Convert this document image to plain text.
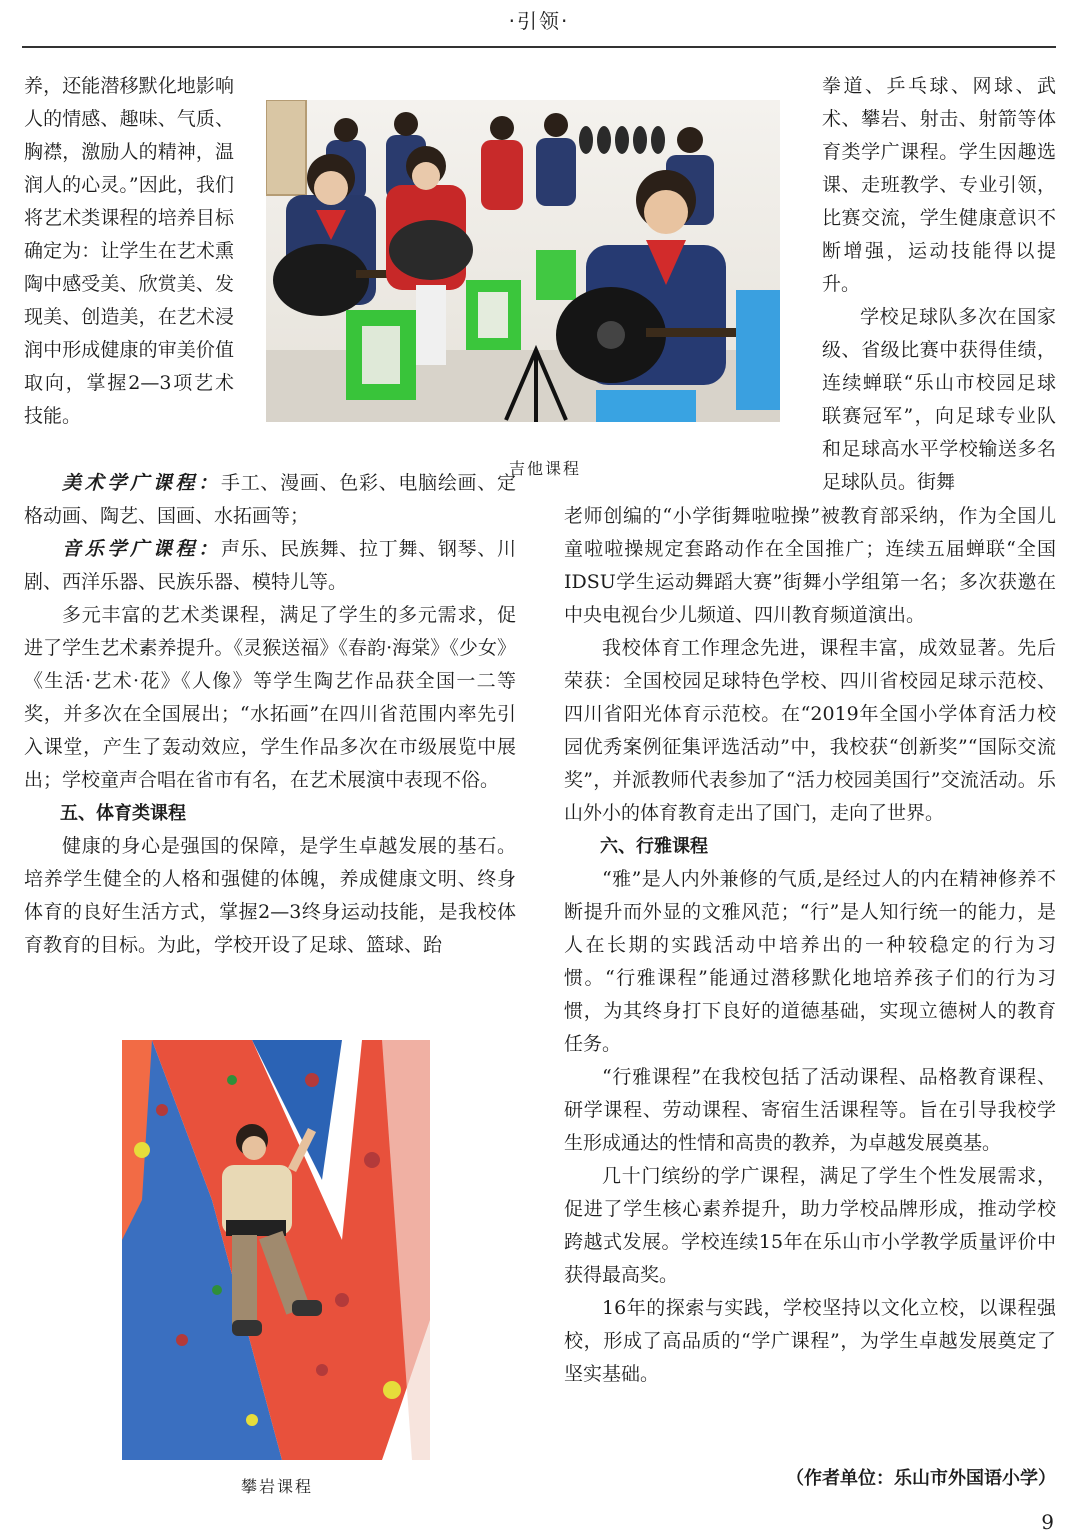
·引领·

养，还能潜移默化地影响人的情感、趣味、气质、胸襟，激励人的精神，温润人的心灵。”因此，我们将艺术类课程的培养目标确定为：让学生在艺术熏陶中感受美、欣赏美、发现美、创造美，在艺术浸润中形成健康的审美价值取向，掌握2—3项艺术技能。

吉他课程

拳道、乒乓球、网球、武术、攀岩、射击、射箭等体育类学广课程。学生因趣选课、走班教学、专业引领，比赛交流，学生健康意识不断增强，运动技能得以提升。

学校足球队多次在国家级、省级比赛中获得佳绩，连续蝉联“乐山市校园足球联赛冠军”，向足球专业队和足球高水平学校输送多名足球队员。街舞

美术学广课程：手工、漫画、色彩、电脑绘画、定格动画、陶艺、国画、水拓画等；

音乐学广课程：声乐、民族舞、拉丁舞、钢琴、川剧、西洋乐器、民族乐器、模特儿等。

多元丰富的艺术类课程，满足了学生的多元需求，促进了学生艺术素养提升。《灵猴送福》《春韵·海棠》《少女》《生活·艺术·花》《人像》等学生陶艺作品获全国一二等奖，并多次在全国展出；“水拓画”在四川省范围内率先引入课堂，产生了轰动效应，学生作品多次在市级展览中展出；学校童声合唱在省市有名，在艺术展演中表现不俗。

五、体育类课程

健康的身心是强国的保障，是学生卓越发展的基石。培养学生健全的人格和强健的体魄，养成健康文明、终身体育的良好生活方式，掌握2—3终身运动技能，是我校体育教育的目标。为此，学校开设了足球、篮球、跆

老师创编的“小学街舞啦啦操”被教育部采纳，作为全国儿童啦啦操规定套路动作在全国推广；连续五届蝉联“全国IDSU学生运动舞蹈大赛”街舞小学组第一名；多次获邀在中央电视台少儿频道、四川教育频道演出。

我校体育工作理念先进，课程丰富，成效显著。先后荣获：全国校园足球特色学校、四川省校园足球示范校、四川省阳光体育示范校。在“2019年全国小学体育活力校园优秀案例征集评选活动”中，我校获“创新奖”“国际交流奖”，并派教师代表参加了“活力校园美国行”交流活动。乐山外小的体育教育走出了国门，走向了世界。

六、行雅课程

“雅”是人内外兼修的气质,是经过人的内在精神修养不断提升而外显的文雅风范；“行”是人知行统一的能力，是人在长期的实践活动中培养出的一种较稳定的行为习惯。“行雅课程”能通过潜移默化地培养孩子们的行为习惯，为其终身打下良好的道德基础，实现立德树人的教育任务。

“行雅课程”在我校包括了活动课程、品格教育课程、研学课程、劳动课程、寄宿生活课程等。旨在引导我校学生形成通达的性情和高贵的教养，为卓越发展奠基。

几十门缤纷的学广课程，满足了学生个性发展需求，促进了学生核心素养提升，助力学校品牌形成，推动学校跨越式发展。学校连续15年在乐山市小学教学质量评价中获得最高奖。

16年的探索与实践，学校坚持以文化立校，以课程强校，形成了高品质的“学广课程”，为学生卓越发展奠定了坚实基础。

（作者单位：乐山市外国语小学）
攀岩课程
9
